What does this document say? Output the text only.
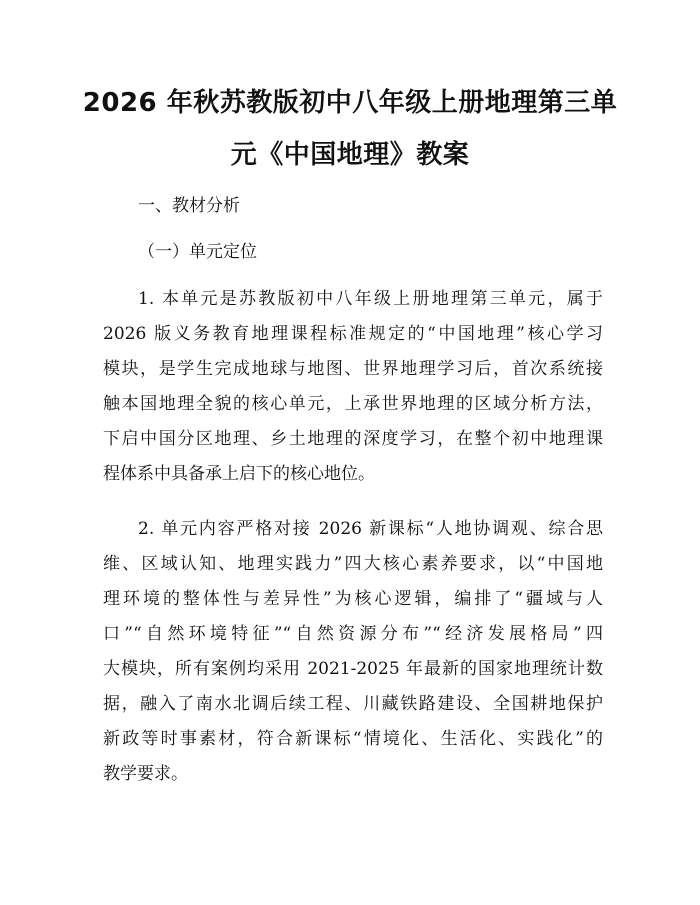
2026 年秋苏教版初中八年级上册地理第三单
元《中国地理》教案

一、教材分析

（一）单元定位

1. 本单元是苏教版初中八年级上册地理第三单元，属于
2026 版义务教育地理课程标准规定的“中国地理”核心学习
模块，是学生完成地球与地图、世界地理学习后，首次系统接
触本国地理全貌的核心单元，上承世界地理的区域分析方法，
下启中国分区地理、乡土地理的深度学习，在整个初中地理课
程体系中具备承上启下的核心地位。
2. 单元内容严格对接 2026 新课标“人地协调观、综合思
维、区域认知、地理实践力”四大核心素养要求，以“中国地
理环境的整体性与差异性”为核心逻辑，编排了“疆域与人
口”“自然环境特征”“自然资源分布”“经济发展格局”四
大模块，所有案例均采用 2021-2025 年最新的国家地理统计数
据，融入了南水北调后续工程、川藏铁路建设、全国耕地保护
新政等时事素材，符合新课标“情境化、生活化、实践化”的
教学要求。
